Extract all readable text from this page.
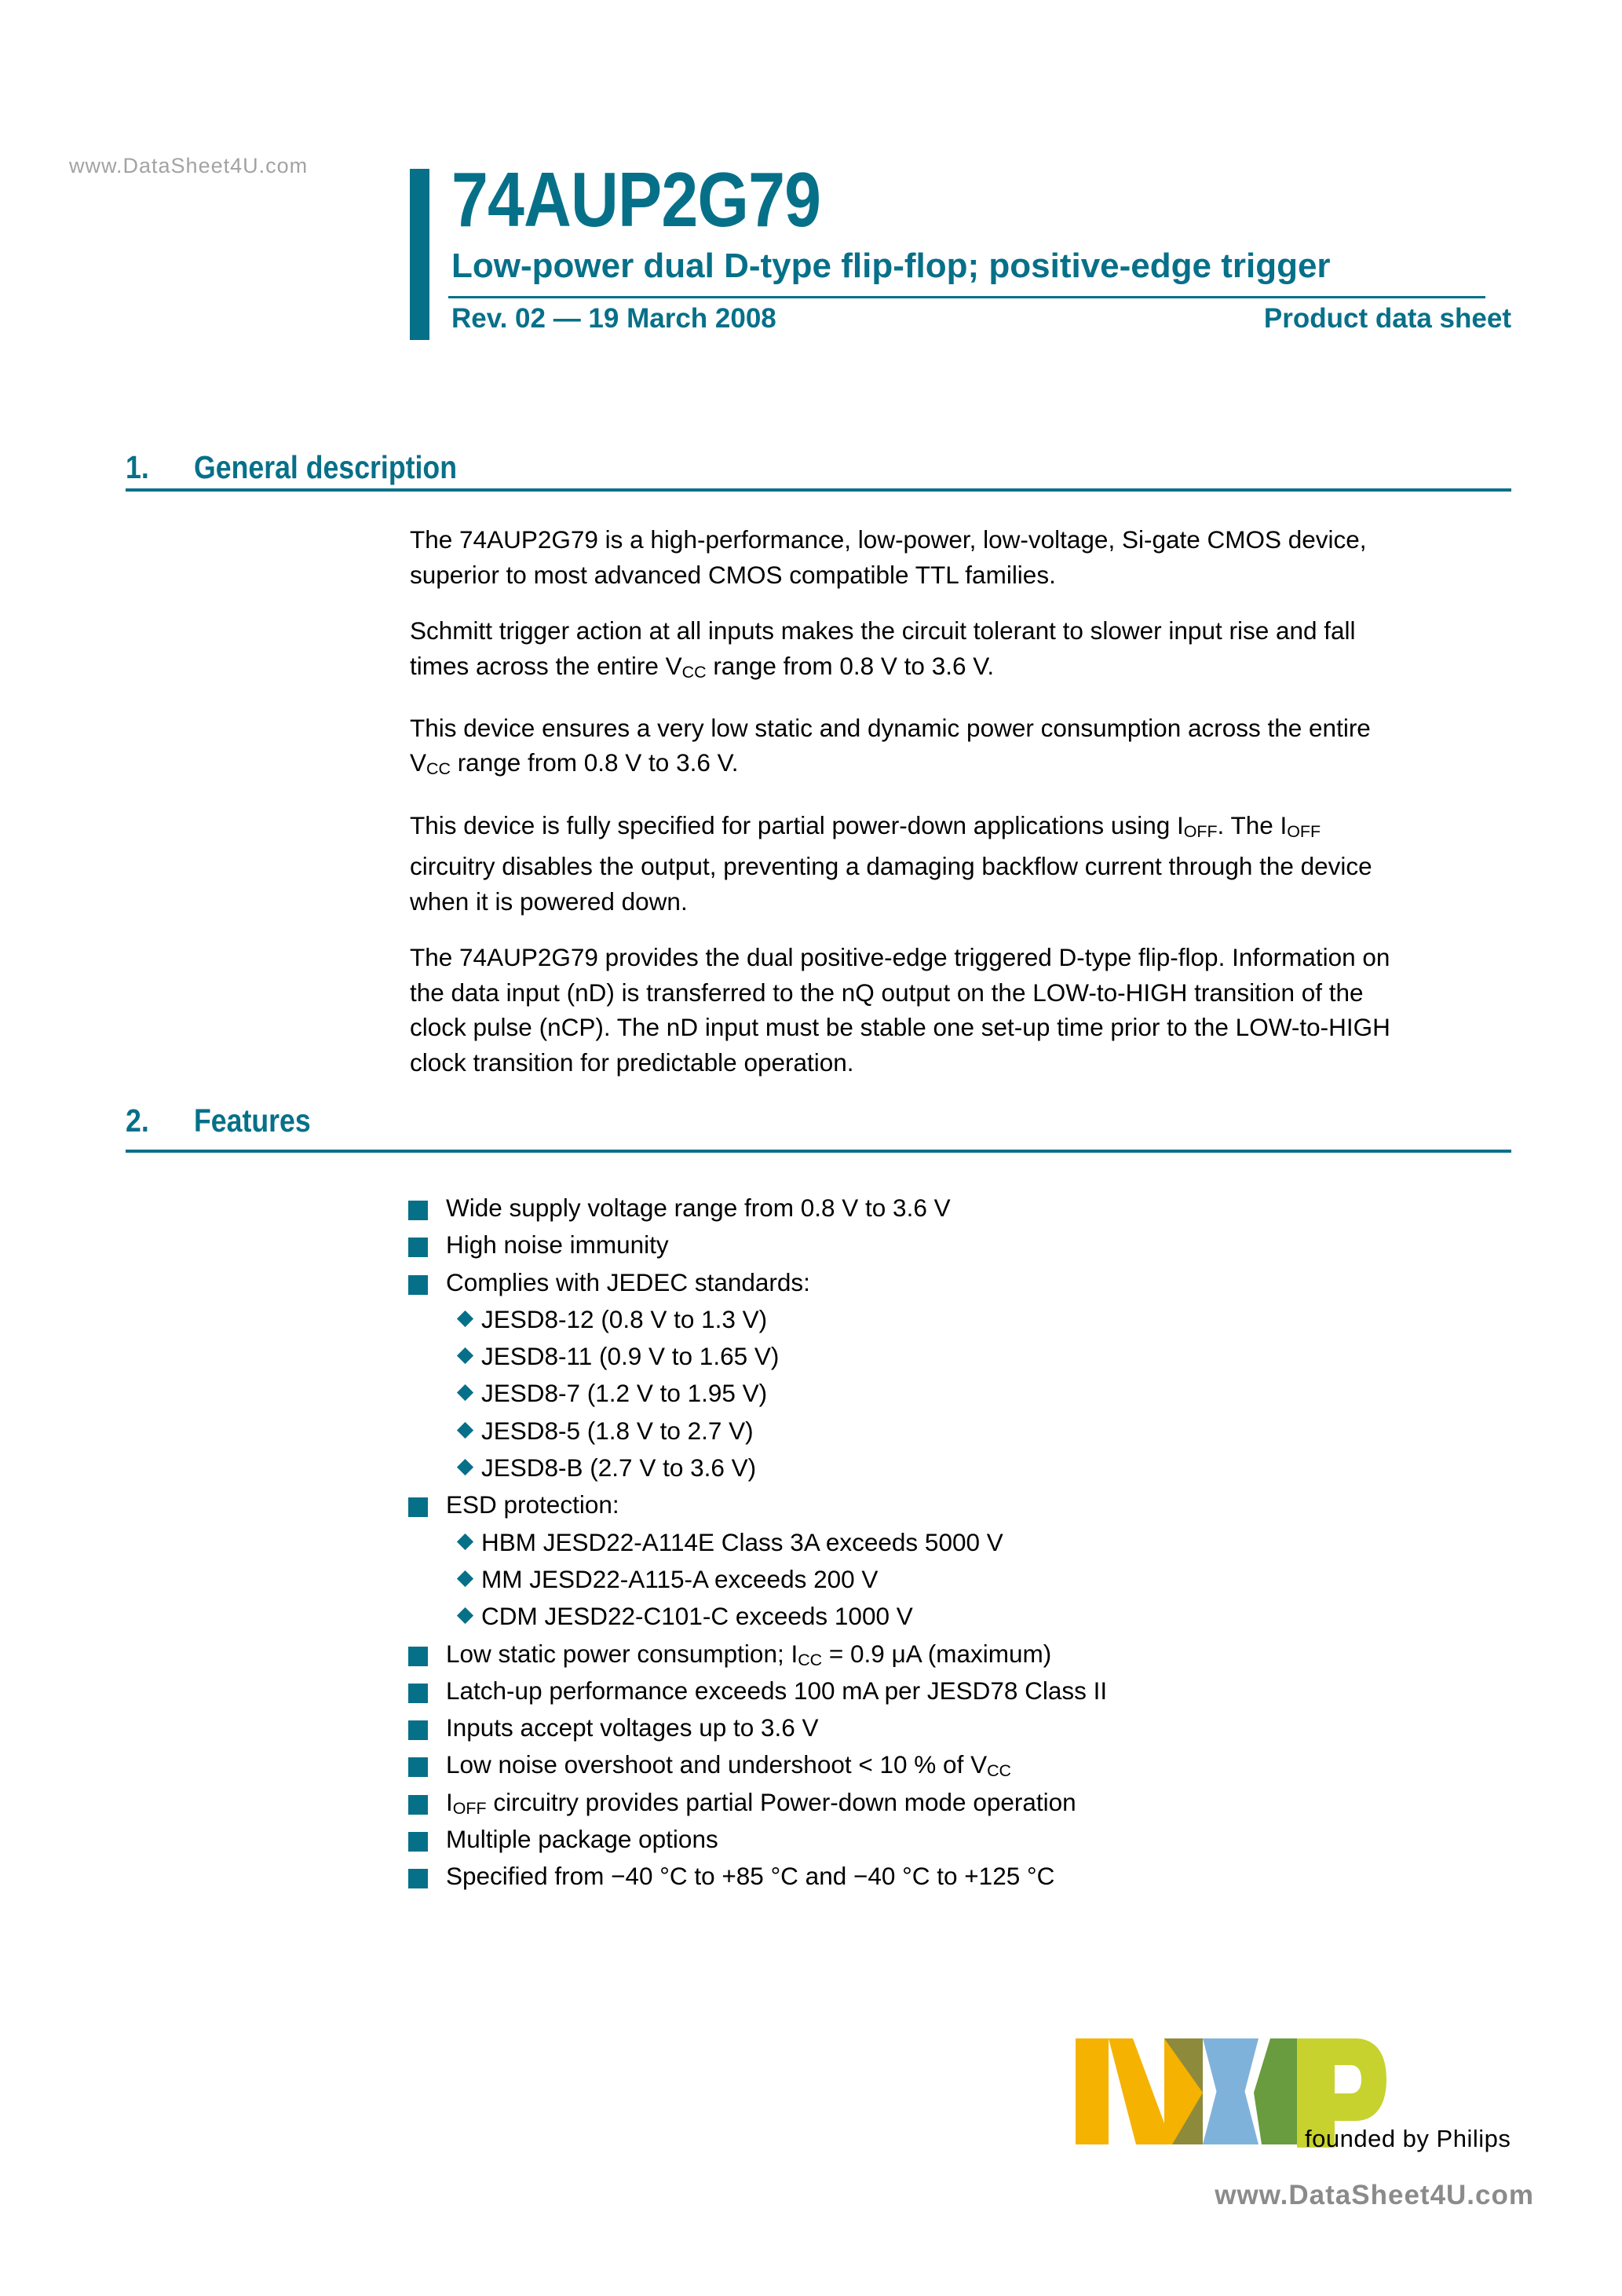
www.DataSheet4U.com 74AUP2G79
Low-power dual D-type flip-flop; positive-edge trigger
Rev. 02 — 19 March 2008	Product data sheet
1.	General description
The 74AUP2G79 is a high-performance, low-power, low-voltage, Si-gate CMOS device,
superior to most advanced CMOS compatible TTL families.
Schmitt trigger action at all inputs makes the circuit tolerant to slower input rise and fall
times across the entire $V_{CC}$ range from 0.8 V to 3.6 V.
This device ensures a very low static and dynamic power consumption across the entire
$V_{CC}$ range from 0.8 V to 3.6 V.
This device is fully specified for partial power-down applications using $I_{OFF}$. The $I_{OFF}$
circuitry disables the output, preventing a damaging backflow current through the device
when it is powered down.
The 74AUP2G79 provides the dual positive-edge triggered D-type flip-flop. Information on
the data input (nD) is transferred to the nQ output on the LOW-to-HIGH transition of the
clock pulse (nCP). The nD input must be stable one set-up time prior to the LOW-to-HIGH
clock transition for predictable operation.
2.	Features
Wide supply voltage range from 0.8 V to 3.6 V
High noise immunity
Complies with JEDEC standards:
JESD8-12 (0.8 V to 1.3 V)
JESD8-11 (0.9 V to 1.65 V)
JESD8-7 (1.2 V to 1.95 V)
JESD8-5 (1.8 V to 2.7 V)
JESD8-B (2.7 V to 3.6 V)
ESD protection:
HBM JESD22-A114E Class 3A exceeds 5000 V
MM JESD22-A115-A exceeds 200 V
CDM JESD22-C101-C exceeds 1000 V
Low static power consumption; $I_{CC} = 0.9$ μA (maximum)
Latch-up performance exceeds 100 mA per JESD78 Class II
Inputs accept voltages up to 3.6 V
Low noise overshoot and undershoot < 10 % of $V_{CC}$
$I_{OFF}$ circuitry provides partial Power-down mode operation
Multiple package options
Specified from −40 °C to +85 °C and −40 °C to +125 °C
founded by Philips
www.DataSheet4U.com
